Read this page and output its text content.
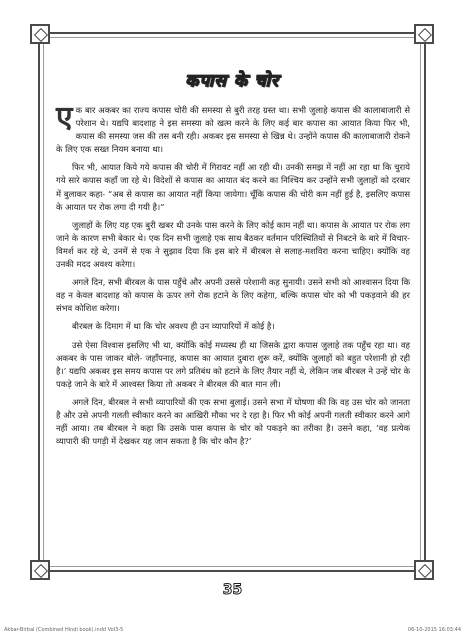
कपास के चोर

एक बार अकबर का राज्य कपास चोरी की समस्या से बुरी तरह ग्रस्त था। सभी जुलाहे कपास की कालाबाजारी से परेशान थे। यद्यपि बादशाह ने इस समस्या को खत्म करने के लिए कई बार कपास का आयात किया फिर भी, कपास की समस्या जस की तस बनी रही। अकबर इस समस्या से खिन्न थे। उन्होंने कपास की कालाबाजारी रोकने के लिए एक सख्त नियम बनाया था।

फिर भी, आयात किये गये कपास की चोरी में गिरावट नहीं आ रही थी। उनकी समझ में नहीं आ रहा था कि चुराये गये सारे कपास कहाँ जा रहे थे। विदेशों से कपास का आयात बंद करने का निश्चिय कर उन्होंने सभी जुलाहों को दरबार में बुलाकर कहा- “अब से कपास का आयात नहीं किया जायेगा। चूँकि कपास की चोरी कम नहीं हुई है, इसलिए कपास के आयात पर रोक लगा दी गयी है।”

जुलाहों के लिए यह एक बुरी खबर थी उनके पास करने के लिए कोई काम नहीं था। कपास के आयात पर रोक लग जाने के कारण सभी बेकार थे। एक दिन सभी जुलाहे एक साथ बैठकर वर्तमान परिस्थितियों से निबटने के बारे में विचार-विमर्श कर रहे थे, उनमें से एक ने सुझाव दिया कि इस बारे में बीरबल से सलाह-मशविरा करना चाहिए। क्योंकि वह उनकी मदद अवश्य करेगा।

अगले दिन, सभी बीरबल के पास पहुँचे और अपनी उससे परेशानी कह सुनायी। उसने सभी को आश्वासन दिया कि वह न केवल बादशाह को कपास के ऊपर लगे रोक हटाने के लिए कहेगा, बल्कि कपास चोर को भी पकड़वाने की हर संभव कोशिश करेगा।

बीरबल के दिमाग में था कि चोर अवश्य ही उन व्यापारियों में कोई है।

उसे ऐसा विश्वास इसलिए भी था, क्योंकि कोई मध्यस्थ ही था जिसके द्वारा कपास जुलाहे तक पहुँच रहा था। वह अकबर के पास जाकर बोले- जहाँपनाह, कपास का आयात दुबारा शुरू करें, क्योंकि जुलाहों को बहुत परेशानी हो रही है।’ यद्यपि अकबर इस समय कपास पर लगे प्रतिबंध को हटाने के लिए तैयार नहीं थे, लेकिन जब बीरबल ने उन्हें चोर के पकड़े जाने के बारे में आश्वस्त किया तो अकबर ने बीरबल की बात मान ली।

अगले दिन, बीरबल ने सभी व्यापारियों की एक सभा बुलाई। उसने सभा में घोषणा की कि वह उस चोर को जानता है और उसे अपनी गलती स्वीकार करने का आखिरी मौका भर दे रहा है। फिर भी कोई अपनी गलती स्वीकार करने आगे नहीं आया। तब बीरबल ने कहा कि उसके पास कपास के चोर को पकड़ने का तरीका है। उसने कहा, ‘वह प्रत्येक व्यापारी की पगड़ी में देखकर यह जान सकता है कि चोर कौन है?’

35
Akbar-Birbal (Combined Hindi book).indd Vol3-5	06-10-2015 16:03:44
